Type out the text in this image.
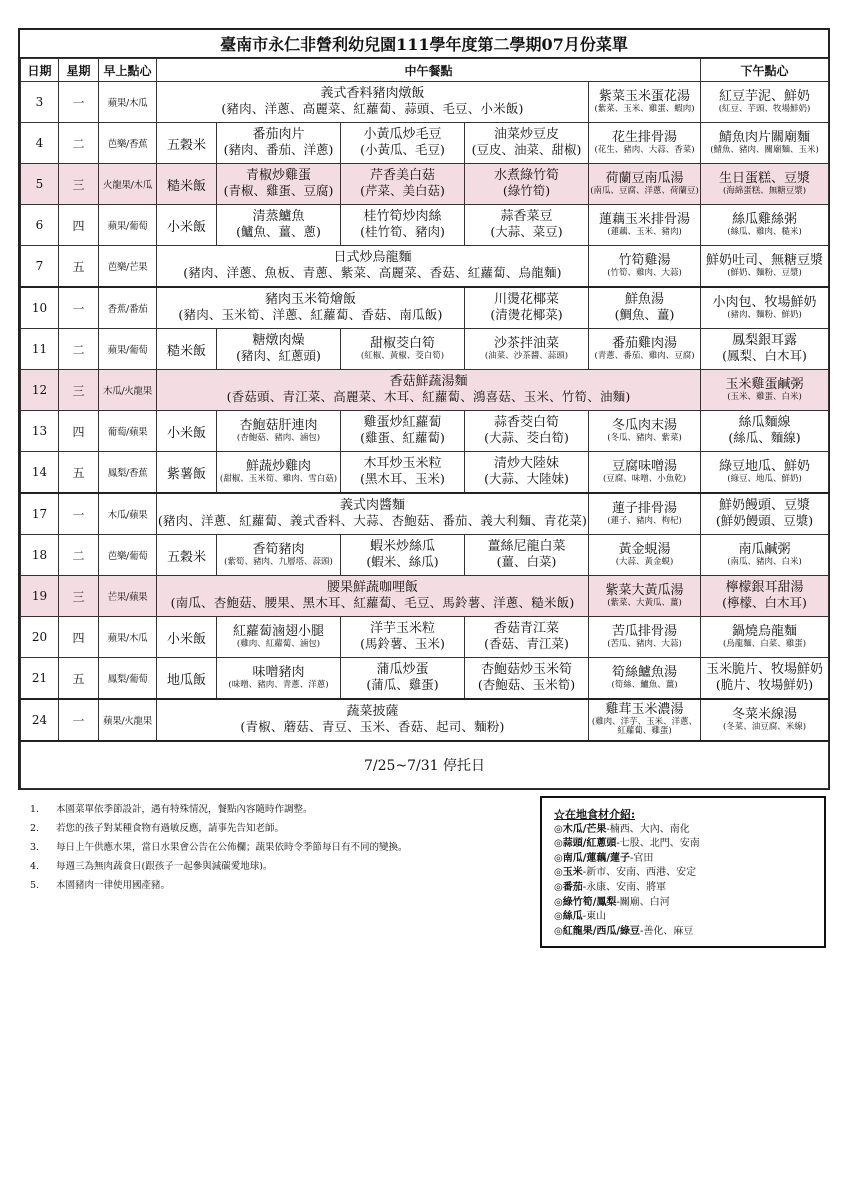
臺南市永仁非營利幼兒園111學年度第二學期07月份菜單
日期	星期	早上點心	中午餐點					下午點心
3	一	蘋果/木瓜	義式香料豬肉燉飯
(豬肉、洋蔥、高麗菜、紅蘿蔔、蒜頭、毛豆、小米飯)				紫菜玉米蛋花湯
(紫菜、玉米、雞蛋、蝦肉)	紅豆芋泥、鮮奶
(紅豆、芋頭、牧場鮮奶)

4	二	芭樂/香蕉	五穀米	番茄肉片
(豬肉、番茄、洋蔥)	小黃瓜炒毛豆
(小黃瓜、毛豆)	油菜炒豆皮
(豆皮、油菜、甜椒)	花生排骨湯
(花生、豬肉、大蒜、香菜)	鯖魚肉片關廟麵
(鯖魚、豬肉、關廟麵、玉米)

5	三	火龍果/木瓜	糙米飯	青椒炒雞蛋
(青椒、雞蛋、豆腐)	芹香美白菇
(芹菜、美白菇)	水煮綠竹筍
(綠竹筍)	荷蘭豆南瓜湯
(南瓜、豆腐、洋蔥、荷蘭豆)	生日蛋糕、豆漿
(海綿蛋糕、無糖豆漿)

6	四	蘋果/葡萄	小米飯	清蒸鱸魚
(鱸魚、薑、蔥)	桂竹筍炒肉絲
(桂竹筍、豬肉)	蒜香菜豆
(大蒜、菜豆)	蓮藕玉米排骨湯
(蓮藕、玉米、豬肉)	絲瓜雞絲粥
(絲瓜、雞肉、糙米)

7	五	芭樂/芒果	日式炒烏龍麵
(豬肉、洋蔥、魚板、青蔥、紫菜、高麗菜、香菇、紅蘿蔔、烏龍麵)				竹筍雞湯
(竹筍、雞肉、大蒜)	鮮奶吐司、無糖豆漿
(鮮奶、麵粉、豆漿)

10	一	香蕉/番茄	豬肉玉米筍燴飯
(豬肉、玉米筍、洋蔥、紅蘿蔔、香菇、南瓜飯)			川燙花椰菜
(清燙花椰菜)	鮮魚湯
(鯛魚、薑)	小肉包、牧場鮮奶
(豬肉、麵粉、鮮奶)

11	二	蘋果/葡萄	糙米飯	糖燉肉燥
(豬肉、紅蔥頭)	甜椒茭白筍
(紅椒、黃椒、茭白筍)	沙茶拌油菜
(油菜、沙茶醬、蒜頭)	番茄雞肉湯
(青蔥、番茄、雞肉、豆腐)	鳳梨銀耳露
(鳳梨、白木耳)

12	三	木瓜/火龍果	香菇鮮蔬湯麵
(香菇頭、青江菜、高麗菜、木耳、紅蘿蔔、鴻喜菇、玉米、竹筍、油麵)					玉米雞蛋鹹粥
(玉米、雞蛋、白米)

13	四	葡萄/蘋果	小米飯	杏鮑菇肝連肉
(杏鮑菇、豬肉、滷包)	雞蛋炒紅蘿蔔
(雞蛋、紅蘿蔔)	蒜香茭白筍
(大蒜、茭白筍)	冬瓜肉末湯
(冬瓜、豬肉、紫菜)	絲瓜麵線
(絲瓜、麵線)

14	五	鳳梨/香蕉	紫薯飯	鮮蔬炒雞肉
(甜椒、玉米筍、雞肉、雪白菇)	木耳炒玉米粒
(黑木耳、玉米)	清炒大陸妹
(大蒜、大陸妹)	豆腐味噌湯
(豆腐、味噌、小魚乾)	綠豆地瓜、鮮奶
(綠豆、地瓜、鮮奶)

17	一	木瓜/蘋果	義式肉醬麵
(豬肉、洋蔥、紅蘿蔔、義式香料、大蒜、杏鮑菇、番茄、義大利麵、青花菜)				蓮子排骨湯
(蓮子、豬肉、枸杞)	鮮奶饅頭、豆漿
(鮮奶饅頭、豆漿)

18	二	芭樂/葡萄	五穀米	香筍豬肉
(紫筍、豬肉、九層塔、蒜頭)	蝦米炒絲瓜
(蝦米、絲瓜)	薑絲尼龍白菜
(薑、白菜)	黃金蜆湯
(大蒜、黃金蜆)	南瓜鹹粥
(南瓜、豬肉、白米)

19	三	芒果/蘋果	腰果鮮蔬咖哩飯
(南瓜、杏鮑菇、腰果、黑木耳、紅蘿蔔、毛豆、馬鈴薯、洋蔥、糙米飯)				紫菜大黃瓜湯
(紫菜、大黃瓜、薑)	檸檬銀耳甜湯
(檸檬、白木耳)

20	四	蘋果/木瓜	小米飯	紅蘿蔔滷翅小腿
(雞肉、紅蘿蔔、滷包)	洋芋玉米粒
(馬鈴薯、玉米)	香菇青江菜
(香菇、青江菜)	苦瓜排骨湯
(苦瓜、豬肉、大蒜)	鍋燒烏龍麵
(烏龍麵、白菜、雞蛋)

21	五	鳳梨/葡萄	地瓜飯	味噌豬肉
(味噌、豬肉、青蔥、洋蔥)	蒲瓜炒蛋
(蒲瓜、雞蛋)	杏鮑菇炒玉米筍
(杏鮑菇、玉米筍)	筍絲鱸魚湯
(筍絲、鱸魚、薑)	玉米脆片、牧場鮮奶
(脆片、牧場鮮奶)

24	一	蘋果/火龍果	蔬菜披薩
(青椒、蘑菇、青豆、玉米、香菇、起司、麵粉)				雞茸玉米濃湯
(雞肉、洋芋、玉米、洋蔥、紅蘿蔔、雞蛋)	冬菜米線湯
(冬菜、油豆腐、米線)

7/25~7/31 停托日								
1.	本園菜單依季節設計，遇有特殊情況，餐點內容隨時作調整。
2.	若您的孩子對某種食物有過敏反應，請事先告知老師。
3.	每日上午供應水果，當日水果會公告在公佈欄；蔬果依時令季節每日有不同的變換。
4.	每週三為無肉蔬食日(跟孩子一起參與減碳愛地球)。
5.	本園豬肉一律使用國產豬。
☆在地食材介紹:
◎木瓜/芒果-楠西、大內、南化
◎蒜頭/紅蔥頭-七股、北門、安南
◎南瓜/蓮藕/蓮子-官田
◎玉米-新市、安南、西港、安定
◎番茄-永康、安南、將軍
◎綠竹筍/鳳梨-關廟、白河
◎絲瓜-東山
◎紅龍果/西瓜/綠豆-善化、麻豆
